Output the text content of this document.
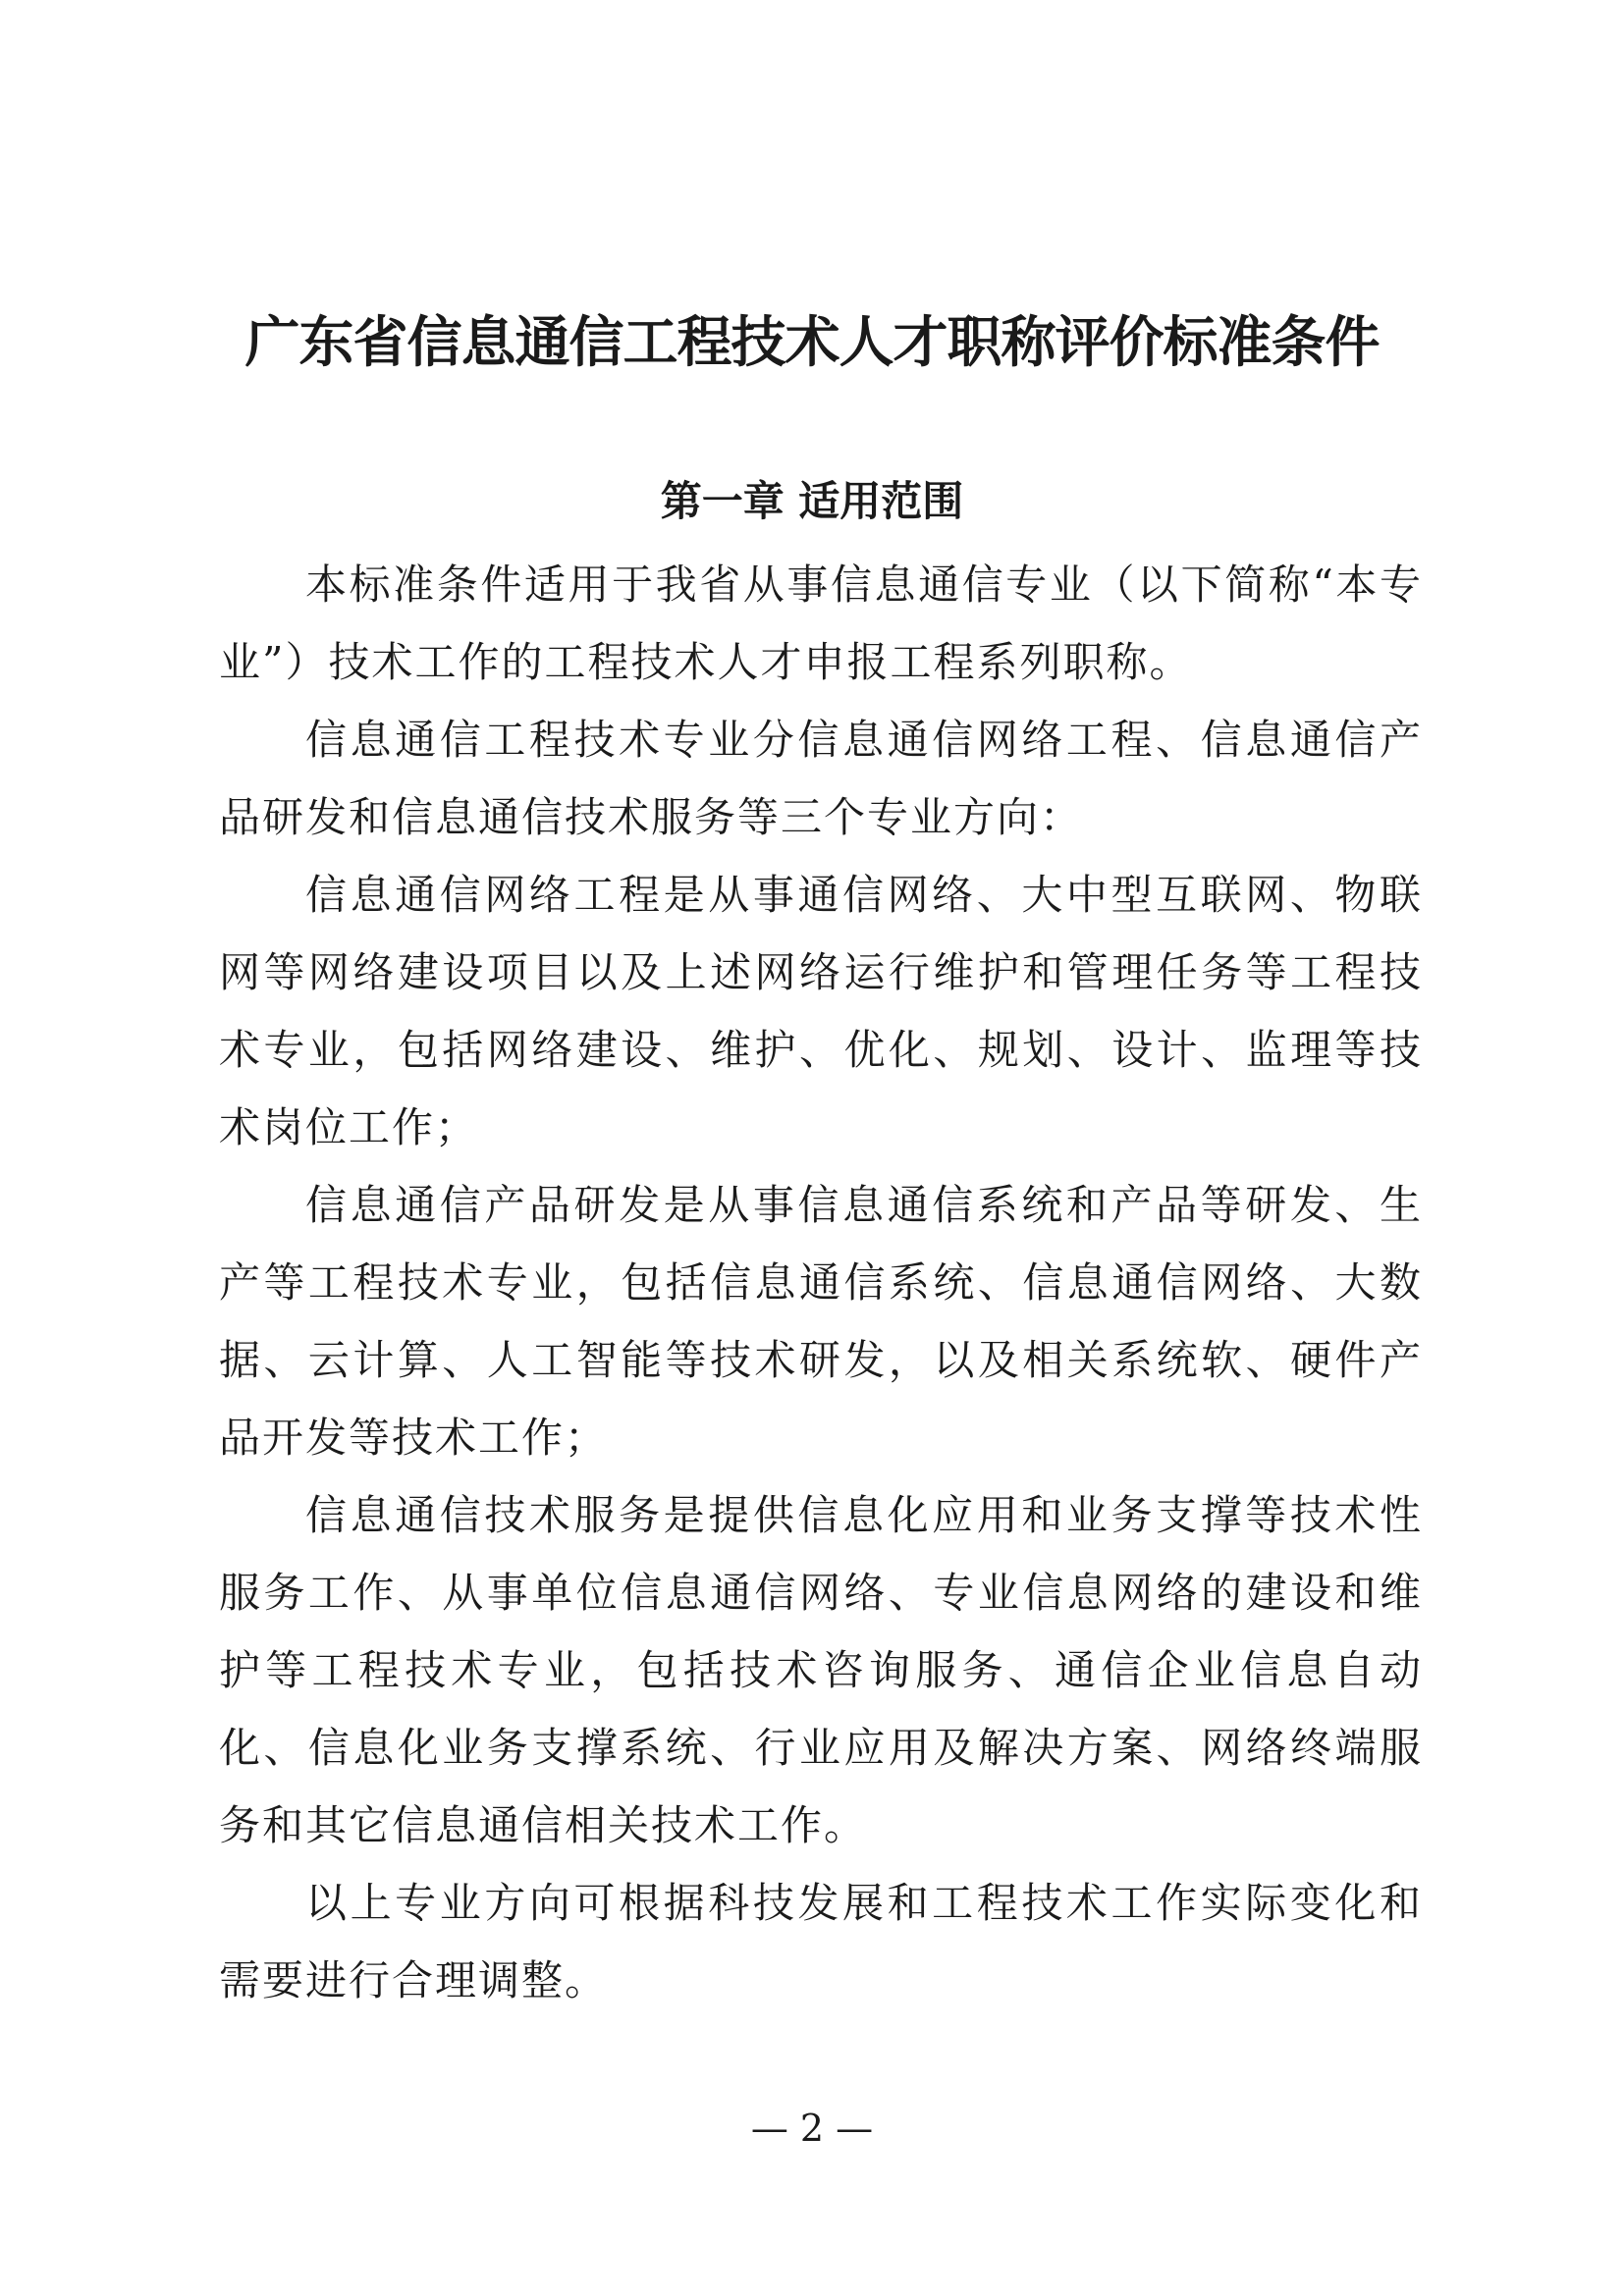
广东省信息通信工程技术人才职称评价标准条件
第一章 适用范围

本标准条件适用于我省从事信息通信专业（以下简称“本专业”）技术工作的工程技术人才申报工程系列职称。

信息通信工程技术专业分信息通信网络工程、信息通信产品研发和信息通信技术服务等三个专业方向：

信息通信网络工程是从事通信网络、大中型互联网、物联网等网络建设项目以及上述网络运行维护和管理任务等工程技术专业，包括网络建设、维护、优化、规划、设计、监理等技术岗位工作；

信息通信产品研发是从事信息通信系统和产品等研发、生产等工程技术专业，包括信息通信系统、信息通信网络、大数据、云计算、人工智能等技术研发，以及相关系统软、硬件产品开发等技术工作；

信息通信技术服务是提供信息化应用和业务支撑等技术性服务工作、从事单位信息通信网络、专业信息网络的建设和维护等工程技术专业，包括技术咨询服务、通信企业信息自动化、信息化业务支撑系统、行业应用及解决方案、网络终端服务和其它信息通信相关技术工作。

以上专业方向可根据科技发展和工程技术工作实际变化和需要进行合理调整。

— 2 —
